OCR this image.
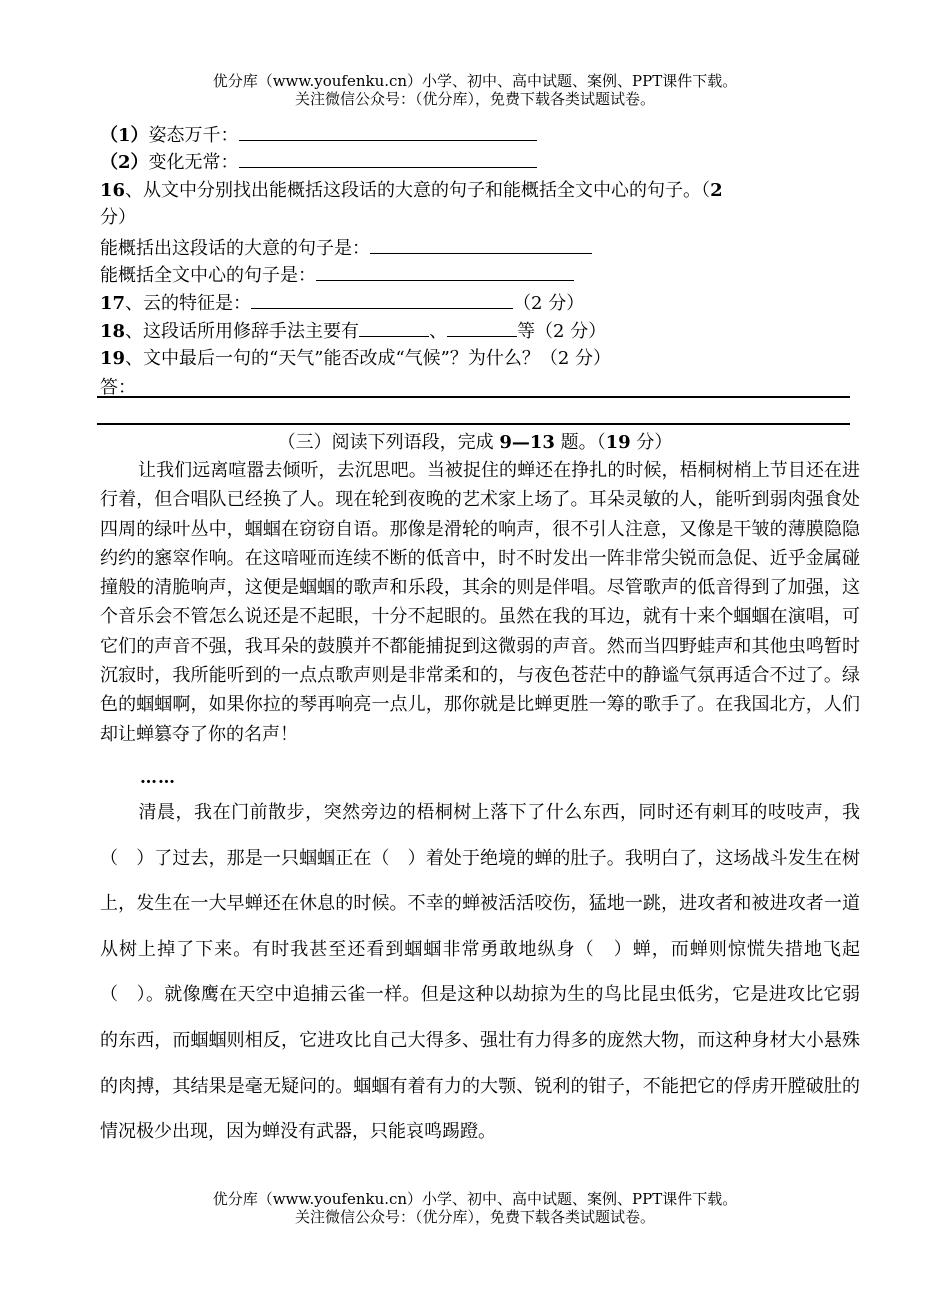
优分库（www.youfenku.cn）小学、初中、高中试题、案例、PPT课件下载。
关注微信公众号：（优分库），免费下载各类试题试卷。
（1）姿态万千：
（2）变化无常：
16、从文中分别找出能概括这段话的大意的句子和能概括全文中心的句子。（2
分）
能概括出这段话的大意的句子是：
能概括全文中心的句子是：
17、云的特征是：	（2 分）
18、这段话所用修辞手法主要有	、	等（2 分）
19、文中最后一句的“天气”能否改成“气候”？为什么？（2 分）
答：
（三）阅读下列语段，完成 9—13 题。（19 分）
让我们远离喧嚣去倾听，去沉思吧。当被捉住的蝉还在挣扎的时候，梧桐树梢上节目还在进行着，但合唱队已经换了人。现在轮到夜晚的艺术家上场了。耳朵灵敏的人，能听到弱肉强食处四周的绿叶丛中，蝈蝈在窃窃自语。那像是滑轮的响声，很不引人注意，又像是干皱的薄膜隐隐约约的窸窣作响。在这喑哑而连续不断的低音中，时不时发出一阵非常尖锐而急促、近乎金属碰撞般的清脆响声，这便是蝈蝈的歌声和乐段，其余的则是伴唱。尽管歌声的低音得到了加强，这个音乐会不管怎么说还是不起眼，十分不起眼的。虽然在我的耳边，就有十来个蝈蝈在演唱，可它们的声音不强，我耳朵的鼓膜并不都能捕捉到这微弱的声音。然而当四野蛙声和其他虫鸣暂时沉寂时，我所能听到的一点点歌声则是非常柔和的，与夜色苍茫中的静谧气氛再适合不过了。绿色的蝈蝈啊，如果你拉的琴再响亮一点儿，那你就是比蝉更胜一筹的歌手了。在我国北方，人们却让蝉篡夺了你的名声！
……
清晨，我在门前散步，突然旁边的梧桐树上落下了什么东西，同时还有刺耳的吱吱声，我（　）了过去，那是一只蝈蝈正在（　）着处于绝境的蝉的肚子。我明白了，这场战斗发生在树上，发生在一大早蝉还在休息的时候。不幸的蝉被活活咬伤，猛地一跳，进攻者和被进攻者一道从树上掉了下来。有时我甚至还看到蝈蝈非常勇敢地纵身（　）蝉，而蝉则惊慌失措地飞起（　）。就像鹰在天空中追捕云雀一样。但是这种以劫掠为生的鸟比昆虫低劣，它是进攻比它弱的东西，而蝈蝈则相反，它进攻比自己大得多、强壮有力得多的庞然大物，而这种身材大小悬殊的肉搏，其结果是毫无疑问的。蝈蝈有着有力的大颚、锐利的钳子，不能把它的俘虏开膛破肚的情况极少出现，因为蝉没有武器，只能哀鸣踢蹬。
优分库（www.youfenku.cn）小学、初中、高中试题、案例、PPT课件下载。
关注微信公众号：（优分库），免费下载各类试题试卷。
